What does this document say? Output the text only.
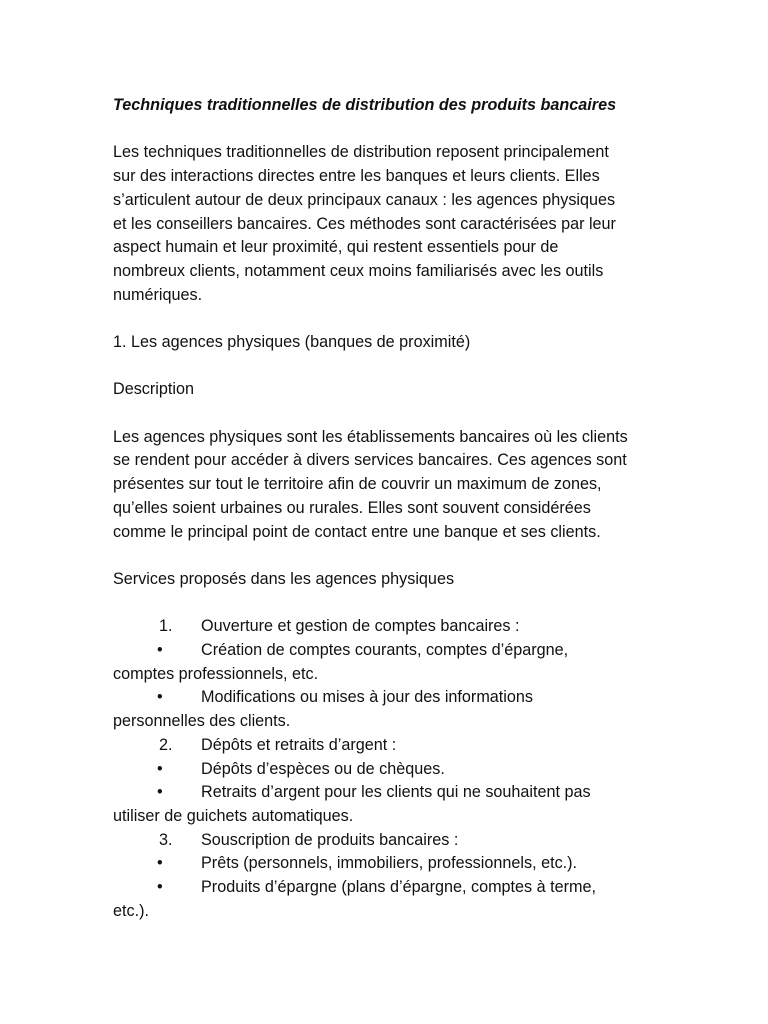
Techniques traditionnelles de distribution des produits bancaires

Les techniques traditionnelles de distribution reposent principalement

sur des interactions directes entre les banques et leurs clients. Elles

s’articulent autour de deux principaux canaux : les agences physiques

et les conseillers bancaires. Ces méthodes sont caractérisées par leur

aspect humain et leur proximité, qui restent essentiels pour de

nombreux clients, notamment ceux moins familiarisés avec les outils

numériques.

1. Les agences physiques (banques de proximité)

Description

Les agences physiques sont les établissements bancaires où les clients

se rendent pour accéder à divers services bancaires. Ces agences sont

présentes sur tout le territoire afin de couvrir un maximum de zones,

qu’elles soient urbaines ou rurales. Elles sont souvent considérées

comme le principal point de contact entre une banque et ses clients.

Services proposés dans les agences physiques

1. Ouverture et gestion de comptes bancaires :

• Création de comptes courants, comptes d’épargne,

comptes professionnels, etc.

• Modifications ou mises à jour des informations

personnelles des clients.

2. Dépôts et retraits d’argent :

• Dépôts d’espèces ou de chèques.

• Retraits d’argent pour les clients qui ne souhaitent pas

utiliser de guichets automatiques.

3. Souscription de produits bancaires :

• Prêts (personnels, immobiliers, professionnels, etc.).

• Produits d’épargne (plans d’épargne, comptes à terme,

etc.).
